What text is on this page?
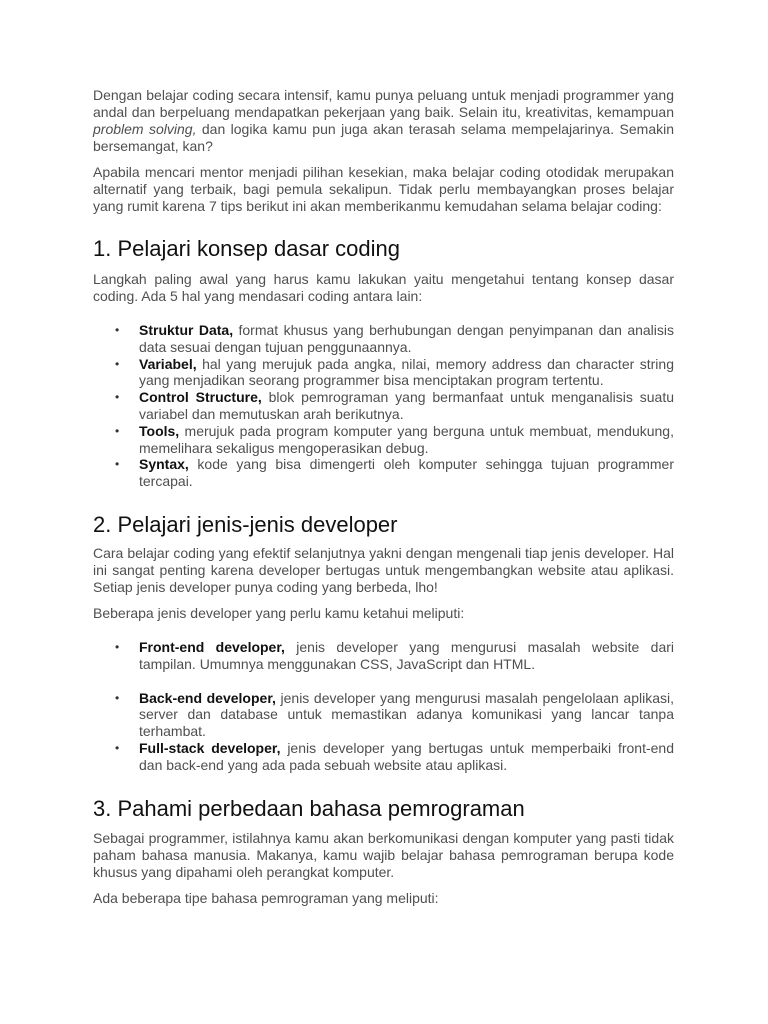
Dengan belajar coding secara intensif, kamu punya peluang untuk menjadi programmer yang andal dan berpeluang mendapatkan pekerjaan yang baik. Selain itu, kreativitas, kemampuan problem solving, dan logika kamu pun juga akan terasah selama mempelajarinya. Semakin bersemangat, kan?

Apabila mencari mentor menjadi pilihan kesekian, maka belajar coding otodidak merupakan alternatif yang terbaik, bagi pemula sekalipun. Tidak perlu membayangkan proses belajar yang rumit karena 7 tips berikut ini akan memberikanmu kemudahan selama belajar coding:

1. Pelajari konsep dasar coding

Langkah paling awal yang harus kamu lakukan yaitu mengetahui tentang konsep dasar coding. Ada 5 hal yang mendasari coding antara lain:

• Struktur Data, format khusus yang berhubungan dengan penyimpanan dan analisis data sesuai dengan tujuan penggunaannya.
• Variabel, hal yang merujuk pada angka, nilai, memory address dan character string yang menjadikan seorang programmer bisa menciptakan program tertentu.
• Control Structure, blok pemrograman yang bermanfaat untuk menganalisis suatu variabel dan memutuskan arah berikutnya.
• Tools, merujuk pada program komputer yang berguna untuk membuat, mendukung, memelihara sekaligus mengoperasikan debug.
• Syntax, kode yang bisa dimengerti oleh komputer sehingga tujuan programmer tercapai.
2. Pelajari jenis-jenis developer

Cara belajar coding yang efektif selanjutnya yakni dengan mengenali tiap jenis developer. Hal ini sangat penting karena developer bertugas untuk mengembangkan website atau aplikasi. Setiap jenis developer punya coding yang berbeda, lho!

Beberapa jenis developer yang perlu kamu ketahui meliputi:

• Front-end developer, jenis developer yang mengurusi masalah website dari tampilan. Umumnya menggunakan CSS, JavaScript dan HTML.
• Back-end developer, jenis developer yang mengurusi masalah pengelolaan aplikasi, server dan database untuk memastikan adanya komunikasi yang lancar tanpa terhambat.
• Full-stack developer, jenis developer yang bertugas untuk memperbaiki front-end dan back-end yang ada pada sebuah website atau aplikasi.
3. Pahami perbedaan bahasa pemrograman

Sebagai programmer, istilahnya kamu akan berkomunikasi dengan komputer yang pasti tidak paham bahasa manusia. Makanya, kamu wajib belajar bahasa pemrograman berupa kode khusus yang dipahami oleh perangkat komputer.

Ada beberapa tipe bahasa pemrograman yang meliputi:
